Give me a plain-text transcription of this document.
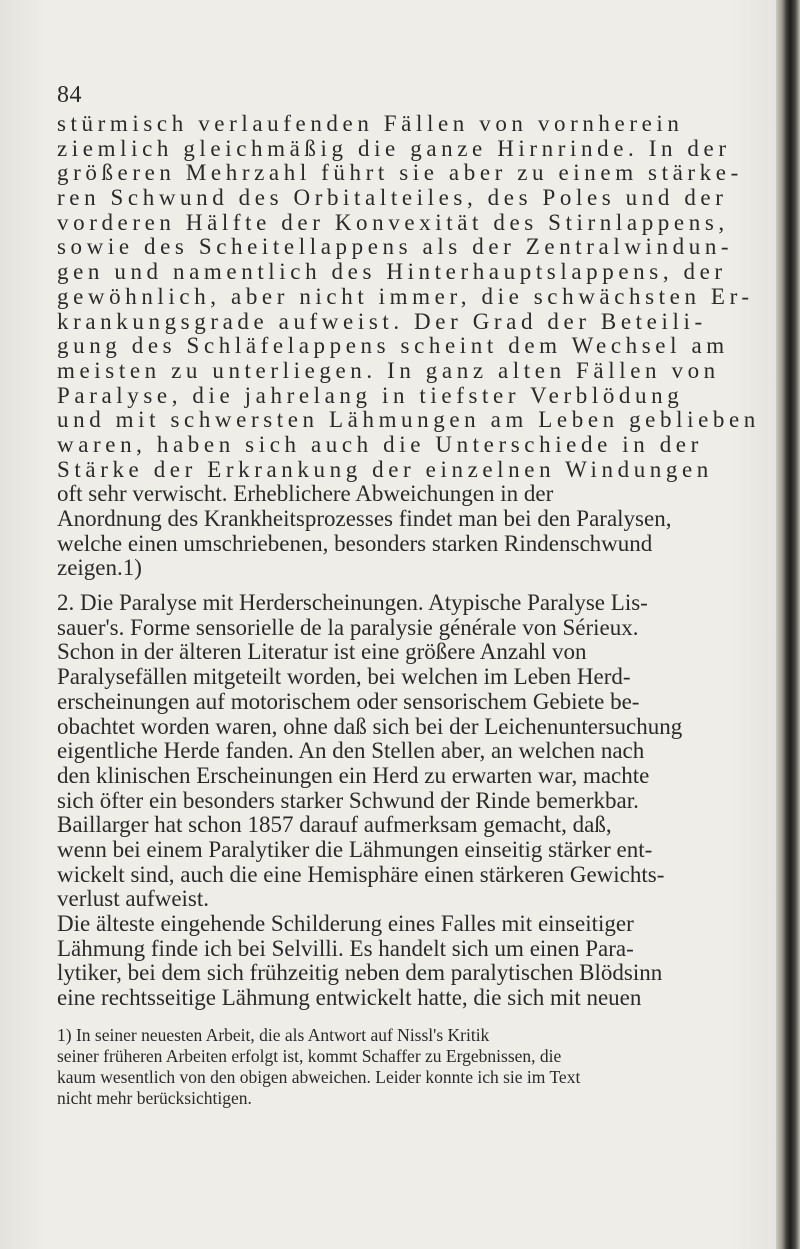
84
stürmisch verlaufenden Fällen von vornherein
ziemlich gleichmäßig die ganze Hirnrinde. In der
größeren Mehrzahl führt sie aber zu einem stärke-
ren Schwund des Orbitalteiles, des Poles und der
vorderen Hälfte der Konvexität des Stirnlappens,
sowie des Scheitellappens als der Zentralwindun-
gen und namentlich des Hinterhauptslappens, der
gewöhnlich, aber nicht immer, die schwächsten Er-
krankungsgrade aufweist. Der Grad der Beteili-
gung des Schläfelappens scheint dem Wechsel am
meisten zu unterliegen. In ganz alten Fällen von
Paralyse, die jahrelang in tiefster Verblödung
und mit schwersten Lähmungen am Leben geblieben
waren, haben sich auch die Unterschiede in der
Stärke der Erkrankung der einzelnen Windungen
oft sehr verwischt. Erheblichere Abweichungen in der
Anordnung des Krankheitsprozesses findet man bei den Paralysen,
welche einen umschriebenen, besonders starken Rindenschwund
zeigen.1)
2. Die Paralyse mit Herderscheinungen. Atypische Paralyse Lis-
sauer's. Forme sensorielle de la paralysie générale von Sérieux.
Schon in der älteren Literatur ist eine größere Anzahl von
Paralysefällen mitgeteilt worden, bei welchen im Leben Herd-
erscheinungen auf motorischem oder sensorischem Gebiete be-
obachtet worden waren, ohne daß sich bei der Leichenuntersuchung
eigentliche Herde fanden. An den Stellen aber, an welchen nach
den klinischen Erscheinungen ein Herd zu erwarten war, machte
sich öfter ein besonders starker Schwund der Rinde bemerkbar.
Baillarger hat schon 1857 darauf aufmerksam gemacht, daß,
wenn bei einem Paralytiker die Lähmungen einseitig stärker ent-
wickelt sind, auch die eine Hemisphäre einen stärkeren Gewichts-
verlust aufweist.
Die älteste eingehende Schilderung eines Falles mit einseitiger
Lähmung finde ich bei Selvilli. Es handelt sich um einen Para-
lytiker, bei dem sich frühzeitig neben dem paralytischen Blödsinn
eine rechtsseitige Lähmung entwickelt hatte, die sich mit neuen
1) In seiner neuesten Arbeit, die als Antwort auf Nissl's Kritik
seiner früheren Arbeiten erfolgt ist, kommt Schaffer zu Ergebnissen, die
kaum wesentlich von den obigen abweichen. Leider konnte ich sie im Text
nicht mehr berücksichtigen.
